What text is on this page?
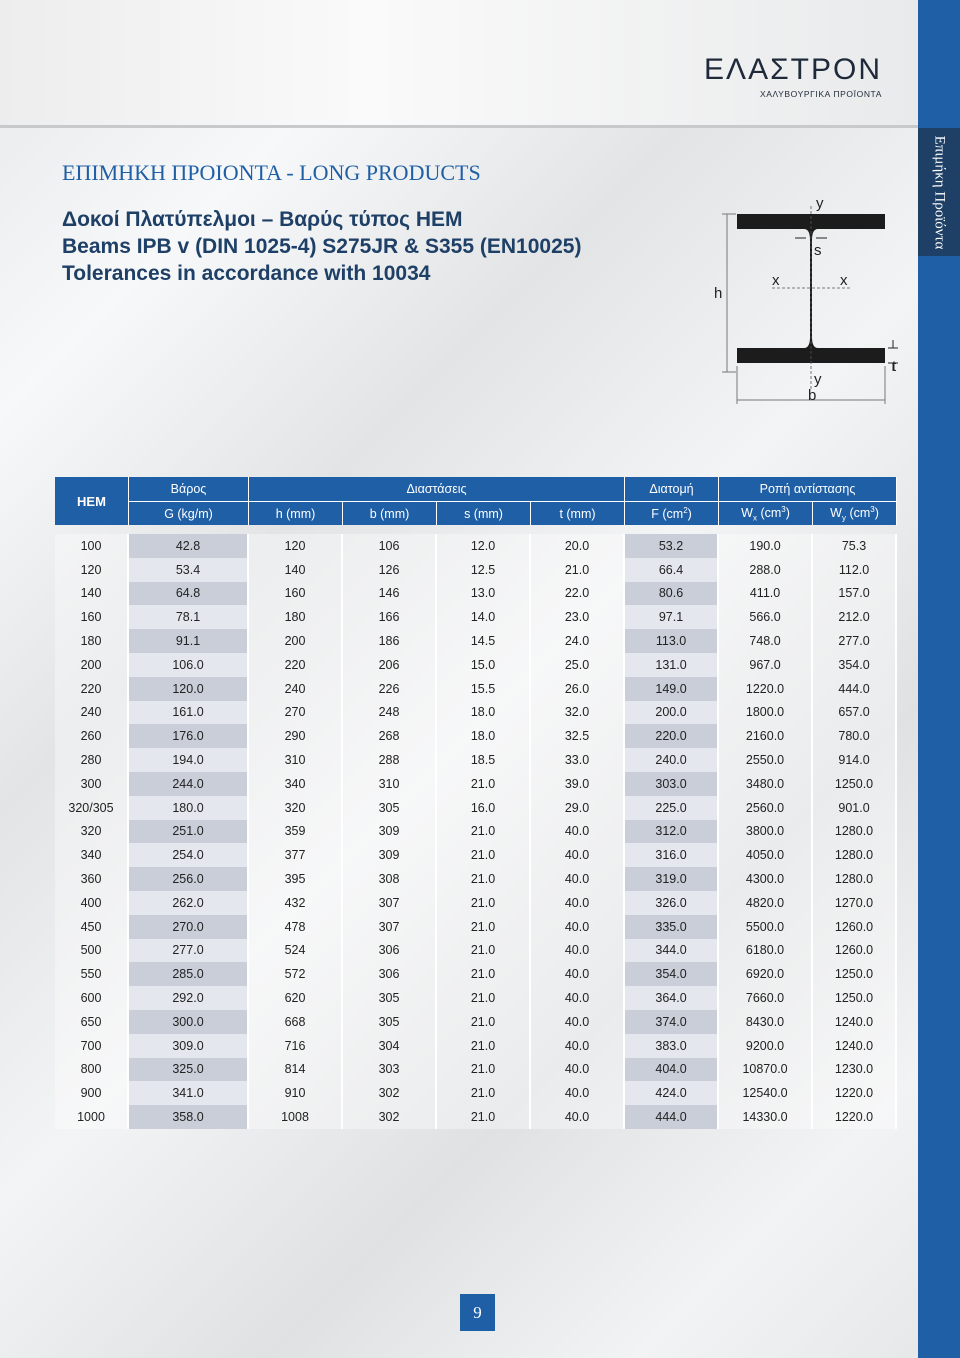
Επιμήκη Προϊόντα
ΕΛΑΣΤΡΟΝ
ΧΑΛΥΒΟΥΡΓΙΚΑ ΠΡΟΪΟΝΤΑ
ΕΠΙΜΗΚΗ ΠΡΟΙΟΝΤΑ - LONG PRODUCTS
Δοκοί Πλατύπελμοι – Βαρύς τύπος HEM
Beams IPB v (DIN 1025-4) S275JR & S355 (EN10025)
Tolerances in accordance with 10034
h
y
s
x	x
y
b
t
HEM	Βάρος	Διαστάσεις				Διατομή	Ροπή αντίστασης	
	G (kg/m)	h (mm)	b (mm)	s (mm)	t (mm)	F $(cm^2)$	$W_x$ $(cm^3)$	$W_y$ $(cm^3)$

100	42.8	120	106	12.0	20.0	53.2	190.0	75.3
120	53.4	140	126	12.5	21.0	66.4	288.0	112.0
140	64.8	160	146	13.0	22.0	80.6	411.0	157.0
160	78.1	180	166	14.0	23.0	97.1	566.0	212.0
180	91.1	200	186	14.5	24.0	113.0	748.0	277.0
200	106.0	220	206	15.0	25.0	131.0	967.0	354.0
220	120.0	240	226	15.5	26.0	149.0	1220.0	444.0
240	161.0	270	248	18.0	32.0	200.0	1800.0	657.0
260	176.0	290	268	18.0	32.5	220.0	2160.0	780.0
280	194.0	310	288	18.5	33.0	240.0	2550.0	914.0
300	244.0	340	310	21.0	39.0	303.0	3480.0	1250.0
320/305	180.0	320	305	16.0	29.0	225.0	2560.0	901.0
320	251.0	359	309	21.0	40.0	312.0	3800.0	1280.0
340	254.0	377	309	21.0	40.0	316.0	4050.0	1280.0
360	256.0	395	308	21.0	40.0	319.0	4300.0	1280.0
400	262.0	432	307	21.0	40.0	326.0	4820.0	1270.0
450	270.0	478	307	21.0	40.0	335.0	5500.0	1260.0
500	277.0	524	306	21.0	40.0	344.0	6180.0	1260.0
550	285.0	572	306	21.0	40.0	354.0	6920.0	1250.0
600	292.0	620	305	21.0	40.0	364.0	7660.0	1250.0
650	300.0	668	305	21.0	40.0	374.0	8430.0	1240.0
700	309.0	716	304	21.0	40.0	383.0	9200.0	1240.0
800	325.0	814	303	21.0	40.0	404.0	10870.0	1230.0
900	341.0	910	302	21.0	40.0	424.0	12540.0	1220.0
1000	358.0	1008	302	21.0	40.0	444.0	14330.0	1220.0
9
